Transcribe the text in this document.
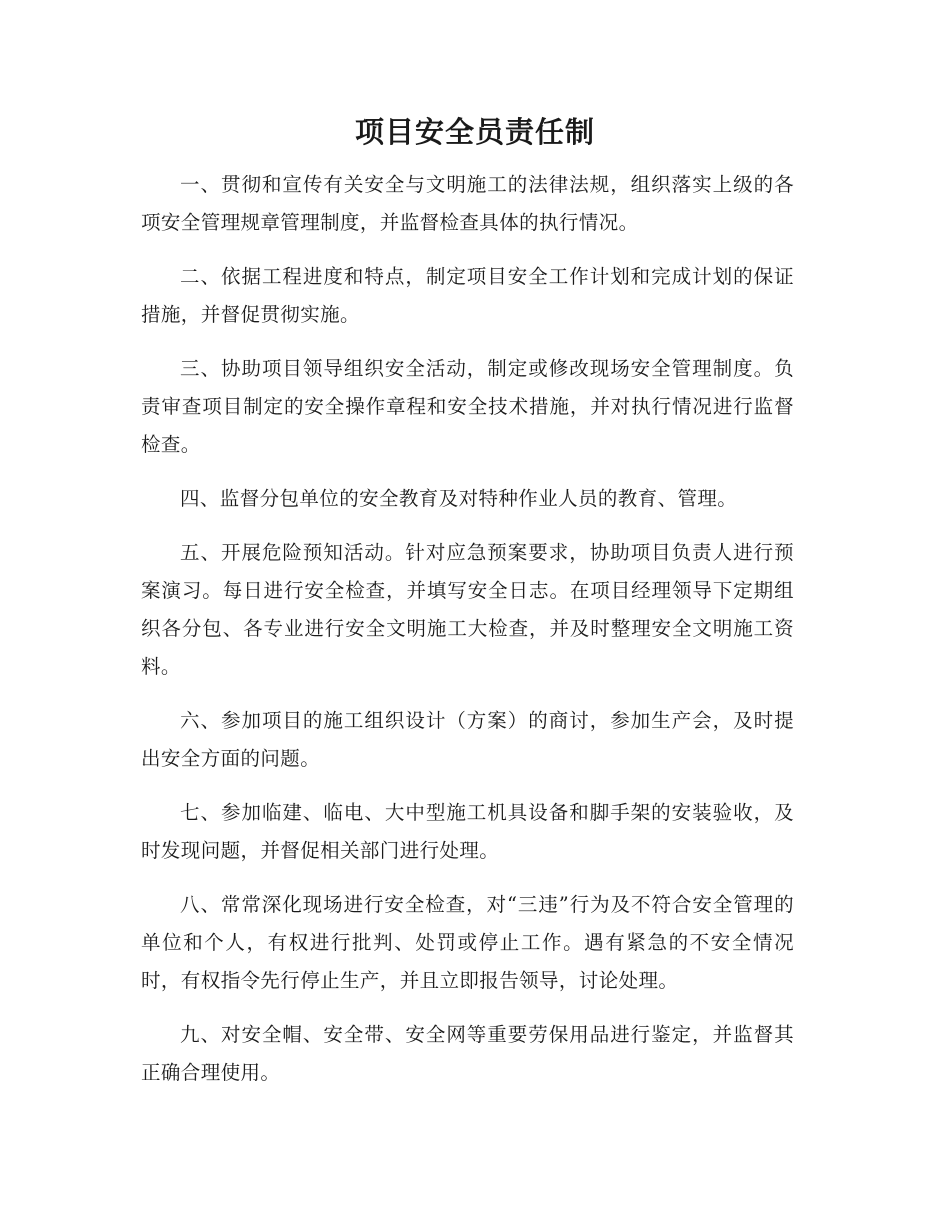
项目安全员责任制

一、贯彻和宣传有关安全与文明施工的法律法规，组织落实上级的各项安全管理规章管理制度，并监督检查具体的执行情况。

二、依据工程进度和特点，制定项目安全工作计划和完成计划的保证措施，并督促贯彻实施。

三、协助项目领导组织安全活动，制定或修改现场安全管理制度。负责审查项目制定的安全操作章程和安全技术措施，并对执行情况进行监督检查。

四、监督分包单位的安全教育及对特种作业人员的教育、管理。

五、开展危险预知活动。针对应急预案要求，协助项目负责人进行预案演习。每日进行安全检查，并填写安全日志。在项目经理领导下定期组织各分包、各专业进行安全文明施工大检查，并及时整理安全文明施工资料。

六、参加项目的施工组织设计（方案）的商讨，参加生产会，及时提出安全方面的问题。

七、参加临建、临电、大中型施工机具设备和脚手架的安装验收，及时发现问题，并督促相关部门进行处理。

八、常常深化现场进行安全检查，对“三违”行为及不符合安全管理的单位和个人，有权进行批判、处罚或停止工作。遇有紧急的不安全情况时，有权指令先行停止生产，并且立即报告领导，讨论处理。

九、对安全帽、安全带、安全网等重要劳保用品进行鉴定，并监督其正确合理使用。
